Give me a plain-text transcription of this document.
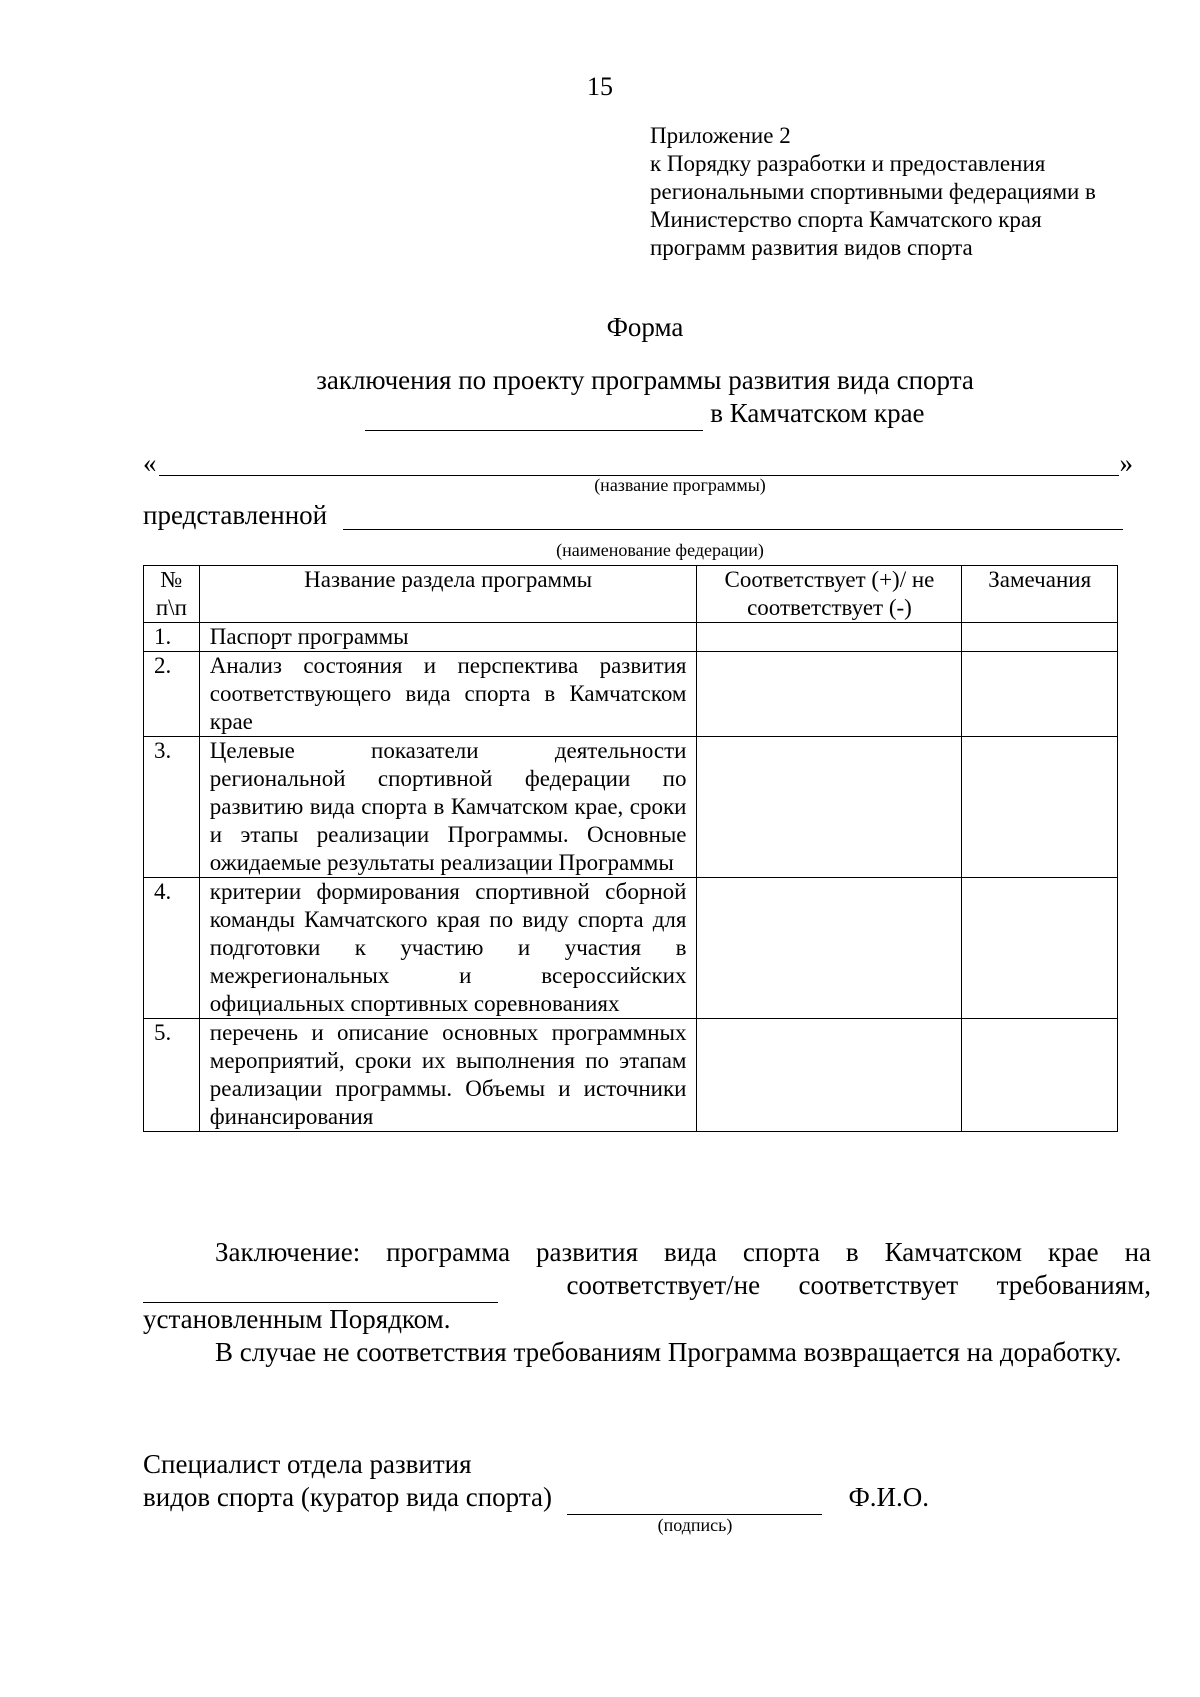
15
Приложение 2
к Порядку разработки и предоставления
региональными спортивными федерациями в
Министерство спорта Камчатского края
программ развития видов спорта
Форма
заключения по проекту программы развития вида спорта
в Камчатском крае
«	»
(название программы)
представленной
(наименование федерации)
№ п\п	Название раздела программы	Соответствует (+)/ не соответствует (-)	Замечания
1.	Паспорт программы		
2.	Анализ состояния и перспектива развития соответствующего вида спорта в Камчатском крае		
3.	Целевые показатели деятельности региональной спортивной федерации по развитию вида спорта в Камчатском крае, сроки и этапы реализации Программы. Основные ожидаемые результаты реализации Программы		
4.	критерии формирования спортивной сборной команды Камчатского края по виду спорта для подготовки к участию и участия в межрегиональных и всероссийских официальных спортивных соревнованиях		
5.	перечень и описание основных программных мероприятий, сроки их выполнения по этапам реализации программы. Объемы и источники финансирования		

Заключение: программа развития вида спорта в Камчатском крае на   соответствует/не соответствует требованиям, установленным Порядком.

В случае не соответствия требованиям Программа возвращается на доработку.

Специалист отдела развития
видов спорта (куратор вида спорта)	Ф.И.О.
(подпись)
